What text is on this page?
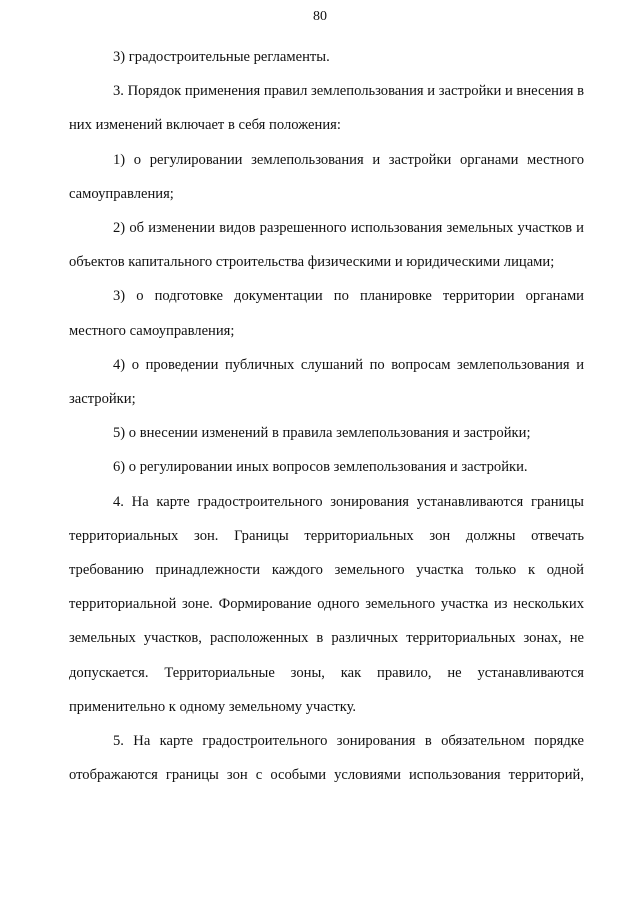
80

3) градостроительные регламенты.

3. Порядок применения правил землепользования и застройки и внесения в них изменений включает в себя положения:

1) о регулировании землепользования и застройки органами местного самоуправления;

2) об изменении видов разрешенного использования земельных участков и объектов капитального строительства физическими и юридическими лицами;

3) о подготовке документации по планировке территории органами местного самоуправления;

4) о проведении публичных слушаний по вопросам землепользования и застройки;

5) о внесении изменений в правила землепользования и застройки;

6) о регулировании иных вопросов землепользования и застройки.

4. На карте градостроительного зонирования устанавливаются границы территориальных зон. Границы территориальных зон должны отвечать требованию принадлежности каждого земельного участка только к одной территориальной зоне. Формирование одного земельного участка из нескольких земельных участков, расположенных в различных территориальных зонах, не допускается. Территориальные зоны, как правило, не устанавливаются применительно к одному земельному участку.

5. На карте градостроительного зонирования в обязательном порядке отображаются границы зон с особыми условиями использования территорий,
